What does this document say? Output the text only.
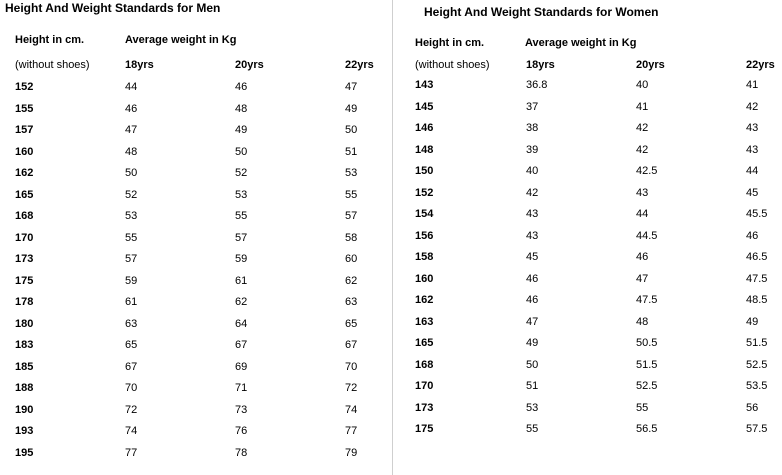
Height And Weight Standards for Men
Height in cm.	Average weight in Kg
(without shoes)	18yrs	20yrs	22yrs
152	44	46	47
155	46	48	49
157	47	49	50
160	48	50	51
162	50	52	53
165	52	53	55
168	53	55	57
170	55	57	58
173	57	59	60
175	59	61	62
178	61	62	63
180	63	64	65
183	65	67	67
185	67	69	70
188	70	71	72
190	72	73	74
193	74	76	77
195	77	78	79
Height And Weight Standards for Women
Height in cm.	Average weight in Kg
(without shoes)	18yrs	20yrs	22yrs
143	36.8	40	41
145	37	41	42
146	38	42	43
148	39	42	43
150	40	42.5	44
152	42	43	45
154	43	44	45.5
156	43	44.5	46
158	45	46	46.5
160	46	47	47.5
162	46	47.5	48.5
163	47	48	49
165	49	50.5	51.5
168	50	51.5	52.5
170	51	52.5	53.5
173	53	55	56
175	55	56.5	57.5
